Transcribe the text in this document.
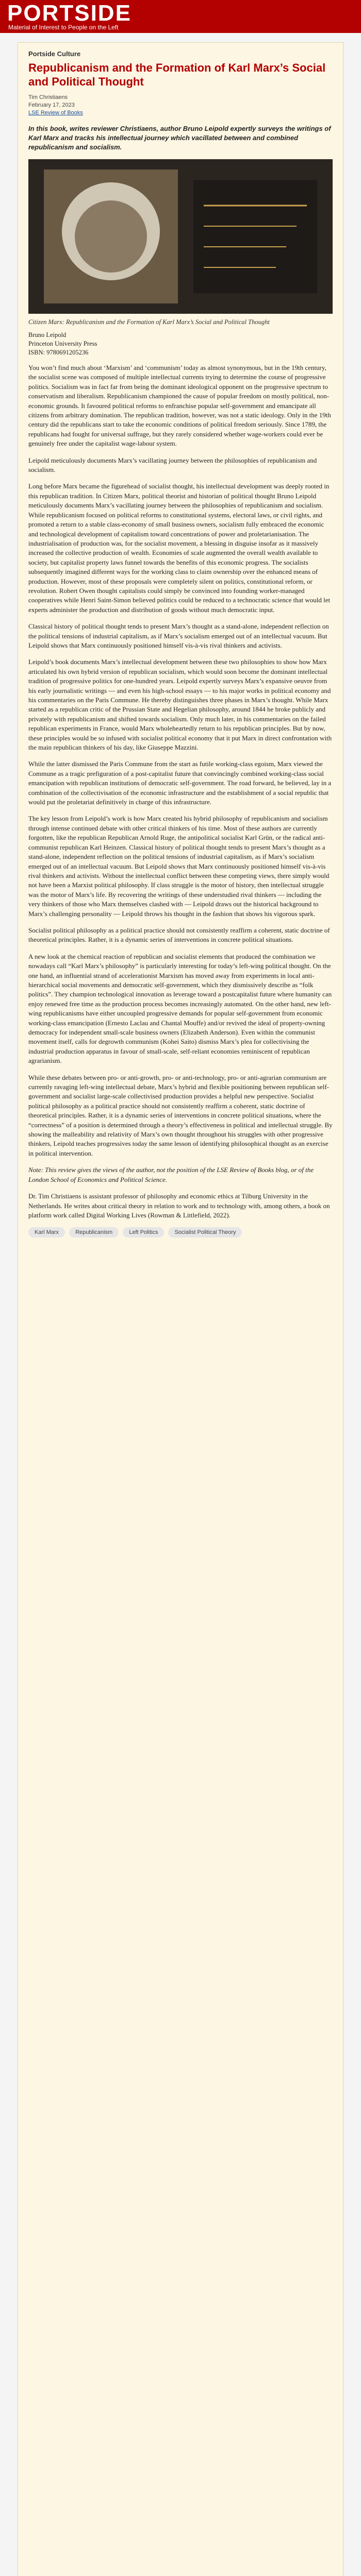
PORTSIDE
Material of Interest to People on the Left
Portside Culture
Republicanism and the Formation of Karl Marx’s Social and Political Thought
Tim Christiaens
February 17, 2023
LSE Review of Books
In this book, writes reviewer Christiaens, author Bruno Leipold expertly surveys the writings of Karl Marx and tracks his intellectual journey which vacillated between and combined republicanism and socialism.
Citizen Marx: Republicanism and the Formation of Karl Marx’s Social and Political Thought
Bruno Leipold
Princeton University Press
ISBN: 9780691205236

You won’t find much about ‘Marxism’ and ‘communism’ today as almost synonymous, but in the 19th century, the socialist scene was composed of multiple intellectual currents trying to determine the course of progressive politics. Socialism was in fact far from being the dominant ideological opponent on the progressive spectrum to conservatism and liberalism. Republicanism championed the cause of popular freedom on mostly political, non-economic grounds. It favoured political reforms to enfranchise popular self-government and emancipate all citizens from arbitrary domination. The republican tradition, however, was not a static ideology. Only in the 19th century did the republicans start to take the economic conditions of political freedom seriously. Since 1789, the republicans had fought for universal suffrage, but they rarely considered whether wage-workers could ever be genuinely free under the capitalist wage-labour system.

Leipold meticulously documents Marx’s vacillating journey between the philosophies of republicanism and socialism.

Long before Marx became the figurehead of socialist thought, his intellectual development was deeply rooted in this republican tradition. In Citizen Marx, political theorist and historian of political thought Bruno Leipold meticulously documents Marx’s vacillating journey between the philosophies of republicanism and socialism. While republicanism focused on political reforms to constitutional systems, electoral laws, or civil rights, and promoted a return to a stable class-economy of small business owners, socialism fully embraced the economic and technological development of capitalism toward concentrations of power and proletarianisation. The industrialisation of production was, for the socialist movement, a blessing in disguise insofar as it massively increased the collective production of wealth. Economies of scale augmented the overall wealth available to society, but capitalist property laws funnel towards the benefits of this economic progress. The socialists subsequently imagined different ways for the working class to claim ownership over the enhanced means of production. However, most of these proposals were completely silent on politics, constitutional reform, or revolution. Robert Owen thought capitalists could simply be convinced into founding worker-managed cooperatives while Henri Saint-Simon believed politics could be reduced to a technocratic science that would let experts administer the production and distribution of goods without much democratic input.

Classical history of political thought tends to present Marx’s thought as a stand-alone, independent reflection on the political tensions of industrial capitalism, as if Marx’s socialism emerged out of an intellectual vacuum. But Leipold shows that Marx continuously positioned himself vis-à-vis rival thinkers and activists.

Leipold’s book documents Marx’s intellectual development between these two philosophies to show how Marx articulated his own hybrid version of republican socialism, which would soon become the dominant intellectual tradition of progressive politics for one-hundred years. Leipold expertly surveys Marx’s expansive oeuvre from his early journalistic writings — and even his high-school essays — to his major works in political economy and his commentaries on the Paris Commune. He thereby distinguishes three phases in Marx’s thought. While Marx started as a republican critic of the Prussian State and Hegelian philosophy, around 1844 he broke publicly and privately with republicanism and shifted towards socialism. Only much later, in his commentaries on the failed republican experiments in France, would Marx wholeheartedly return to his republican principles. But by now, these principles would be so infused with socialist political economy that it put Marx in direct confrontation with the main republican thinkers of his day, like Giuseppe Mazzini.

While the latter dismissed the Paris Commune from the start as futile working-class egoism, Marx viewed the Commune as a tragic prefiguration of a post-capitalist future that convincingly combined working-class social emancipation with republican institutions of democratic self-government. The road forward, he believed, lay in a combination of the collectivisation of the economic infrastructure and the establishment of a social republic that would put the proletariat definitively in charge of this infrastructure.

The key lesson from Leipold’s work is how Marx created his hybrid philosophy of republicanism and socialism through intense continued debate with other critical thinkers of his time. Most of these authors are currently forgotten, like the republican Republican Arnold Ruge, the antipolitical socialist Karl Grün, or the radical anti-communist republican Karl Heinzen. Classical history of political thought tends to present Marx’s thought as a stand-alone, independent reflection on the political tensions of industrial capitalism, as if Marx’s socialism emerged out of an intellectual vacuum. But Leipold shows that Marx continuously positioned himself vis-à-vis rival thinkers and activists. Without the intellectual conflict between these competing views, there simply would not have been a Marxist political philosophy. If class struggle is the motor of history, then intellectual struggle was the motor of Marx’s life. By recovering the writings of these understudied rival thinkers — including the very thinkers of those who Marx themselves clashed with — Leipold draws out the historical background to Marx’s challenging personality — Leipold throws his thought in the fashion that shows his vigorous spark.

Socialist political philosophy as a political practice should not consistently reaffirm a coherent, static doctrine of theoretical principles. Rather, it is a dynamic series of interventions in concrete political situations.

A new look at the chemical reaction of republican and socialist elements that produced the combination we nowadays call “Karl Marx’s philosophy” is particularly interesting for today’s left-wing political thought. On the one hand, an influential strand of accelerationist Marxism has moved away from experiments in local anti-hierarchical social movements and democratic self-government, which they dismissively describe as “folk politics”. They champion technological innovation as leverage toward a postcapitalist future where humanity can enjoy renewed free time as the production process becomes increasingly automated. On the other hand, new left-wing republicanisms have either uncoupled progressive demands for popular self-government from economic working-class emancipation (Ernesto Laclau and Chantal Mouffe) and/or revived the ideal of property-owning democracy for independent small-scale business owners (Elizabeth Anderson). Even within the communist movement itself, calls for degrowth communism (Kohei Saito) dismiss Marx’s plea for collectivising the industrial production apparatus in favour of small-scale, self-reliant economies reminiscent of republican agrarianism.

While these debates between pro- or anti-growth, pro- or anti-technology, pro- or anti-agrarian communism are currently ravaging left-wing intellectual debate, Marx’s hybrid and flexible positioning between republican self-government and socialist large-scale collectivised production provides a helpful new perspective. Socialist political philosophy as a political practice should not consistently reaffirm a coherent, static doctrine of theoretical principles. Rather, it is a dynamic series of interventions in concrete political situations, where the “correctness” of a position is determined through a theory’s effectiveness in political and intellectual struggle. By showing the malleability and relativity of Marx’s own thought throughout his struggles with other progressive thinkers, Leipold teaches progressives today the same lesson of identifying philosophical thought as an exercise in political intervention.

Note: This review gives the views of the author, not the position of the LSE Review of Books blog, or of the London School of Economics and Political Science.

Dr. Tim Christiaens is assistant professor of philosophy and economic ethics at Tilburg University in the Netherlands. He writes about critical theory in relation to work and to technology with, among others, a book on platform work called Digital Working Lives (Rowman & Littlefield, 2022).

Karl Marx	Republicanism	Left Politics	Socialist Political Theory
